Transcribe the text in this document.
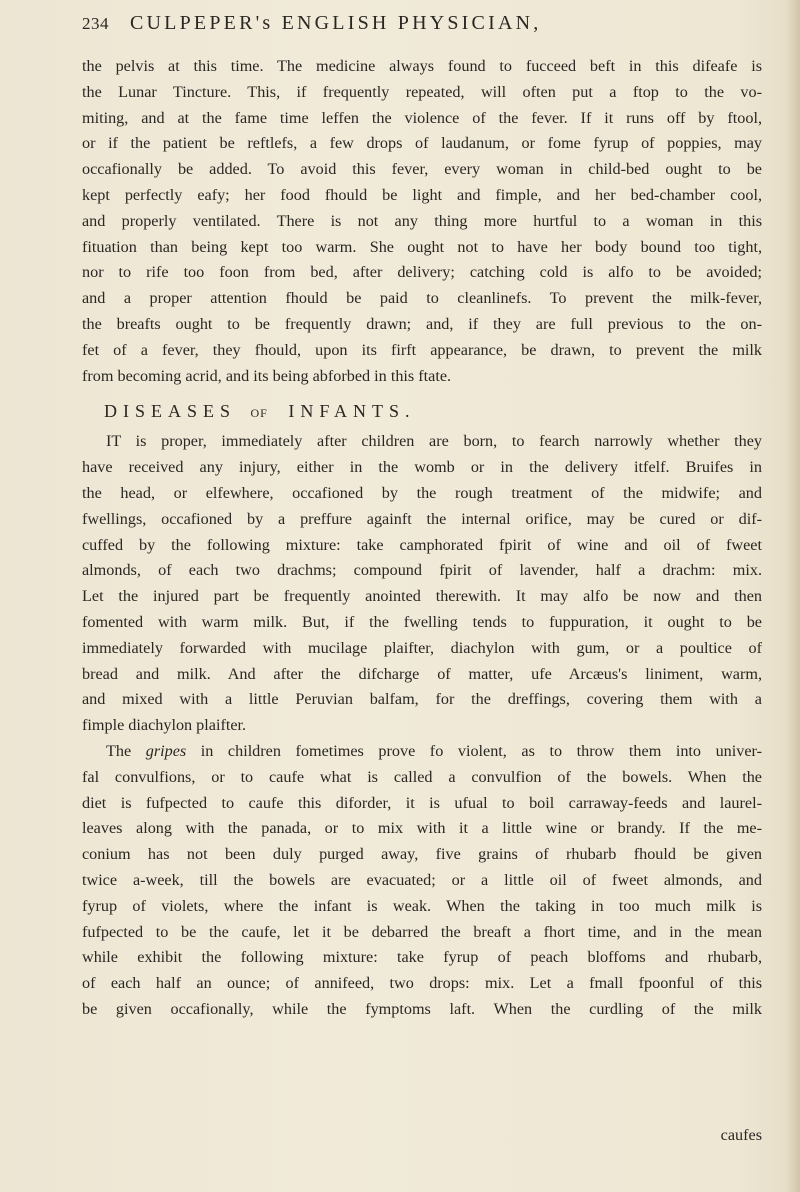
234	CULPEPER's ENGLISH PHYSICIAN,
the pelvis at this time. The medicine always found to fucceed beft in this difeafe is
the Lunar Tincture. This, if frequently repeated, will often put a ftop to the vo-
miting, and at the fame time leffen the violence of the fever. If it runs off by ftool,
or if the patient be reftlefs, a few drops of laudanum, or fome fyrup of poppies, may
occafionally be added. To avoid this fever, every woman in child-bed ought to be
kept perfectly eafy; her food fhould be light and fimple, and her bed-chamber cool,
and properly ventilated. There is not any thing more hurtful to a woman in this
fituation than being kept too warm. She ought not to have her body bound too tight,
nor to rife too foon from bed, after delivery; catching cold is alfo to be avoided;
and a proper attention fhould be paid to cleanlinefs. To prevent the milk-fever,
the breafts ought to be frequently drawn; and, if they are full previous to the on-
fet of a fever, they fhould, upon its firft appearance, be drawn, to prevent the milk
from becoming acrid, and its being abforbed in this ftate.
DISEASES OF INFANTS.
IT is proper, immediately after children are born, to fearch narrowly whether they
have received any injury, either in the womb or in the delivery itfelf. Bruifes in
the head, or elfewhere, occafioned by the rough treatment of the midwife; and
fwellings, occafioned by a preffure againft the internal orifice, may be cured or dif-
cuffed by the following mixture: take camphorated fpirit of wine and oil of fweet
almonds, of each two drachms; compound fpirit of lavender, half a drachm: mix.
Let the injured part be frequently anointed therewith. It may alfo be now and then
fomented with warm milk. But, if the fwelling tends to fuppuration, it ought to be
immediately forwarded with mucilage plaifter, diachylon with gum, or a poultice of
bread and milk. And after the difcharge of matter, ufe Arcæus's liniment, warm,
and mixed with a little Peruvian balfam, for the dreffings, covering them with a
fimple diachylon plaifter.
The gripes in children fometimes prove fo violent, as to throw them into univer-
fal convulfions, or to caufe what is called a convulfion of the bowels. When the
diet is fufpected to caufe this diforder, it is ufual to boil carraway-feeds and laurel-
leaves along with the panada, or to mix with it a little wine or brandy. If the me-
conium has not been duly purged away, five grains of rhubarb fhould be given
twice a-week, till the bowels are evacuated; or a little oil of fweet almonds, and
fyrup of violets, where the infant is weak. When the taking in too much milk is
fufpected to be the caufe, let it be debarred the breaft a fhort time, and in the mean
while exhibit the following mixture: take fyrup of peach bloffoms and rhubarb,
of each half an ounce; of annifeed, two drops: mix. Let a fmall fpoonful of this
be given occafionally, while the fymptoms laft. When the curdling of the milk
caufes
